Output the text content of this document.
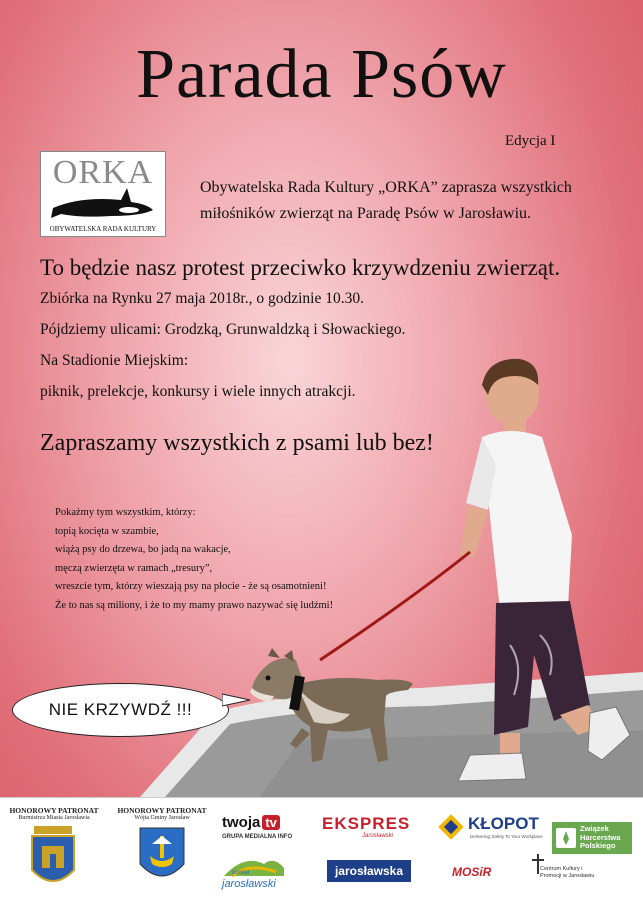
Parada Psów
Edycja I
ORKA
OBYWATELSKA RADA KULTURY
Obywatelska Rada Kultury „ORKA” zaprasza wszystkich
miłośników zwierząt na Paradę Psów w Jarosławiu.
To będzie nasz protest przeciwko krzywdzeniu zwierząt.
Zbiórka na Rynku 27 maja 2018r., o godzinie 10.30.
Pójdziemy ulicami: Grodzką, Grunwaldzką i Słowackiego.
Na Stadionie Miejskim:
piknik, prelekcje, konkursy i wiele innych atrakcji.
Zapraszamy wszystkich z psami lub bez!
Pokażmy tym wszystkim, którzy:
topią kocięta w szambie,
wiążą psy do drzewa, bo jadą na wakacje,
męczą zwierzęta w ramach „tresury”,
wreszcie tym, którzy wieszają psy na płocie - że są osamotnieni!
Że to nas są miliony, i że to my mamy prawo nazywać się ludźmi!
NIE KRZYWDŹ !!!
HONOROWY PATRONAT
Burmistrza Miasta Jarosławia
HONOROWY PATRONAT
Wójta Gminy Jarosław	twoja tv
GRUPA MEDIALNA INFO
powiat
jarosławski
EKSPRES
Jarosławski
jarosławska
KŁOPOT
Delivering Safety To Your Workplace
MOSiR
Związek
Harcerstwa
Polskiego
Centrum Kultury i Promocji w Jarosławiu
